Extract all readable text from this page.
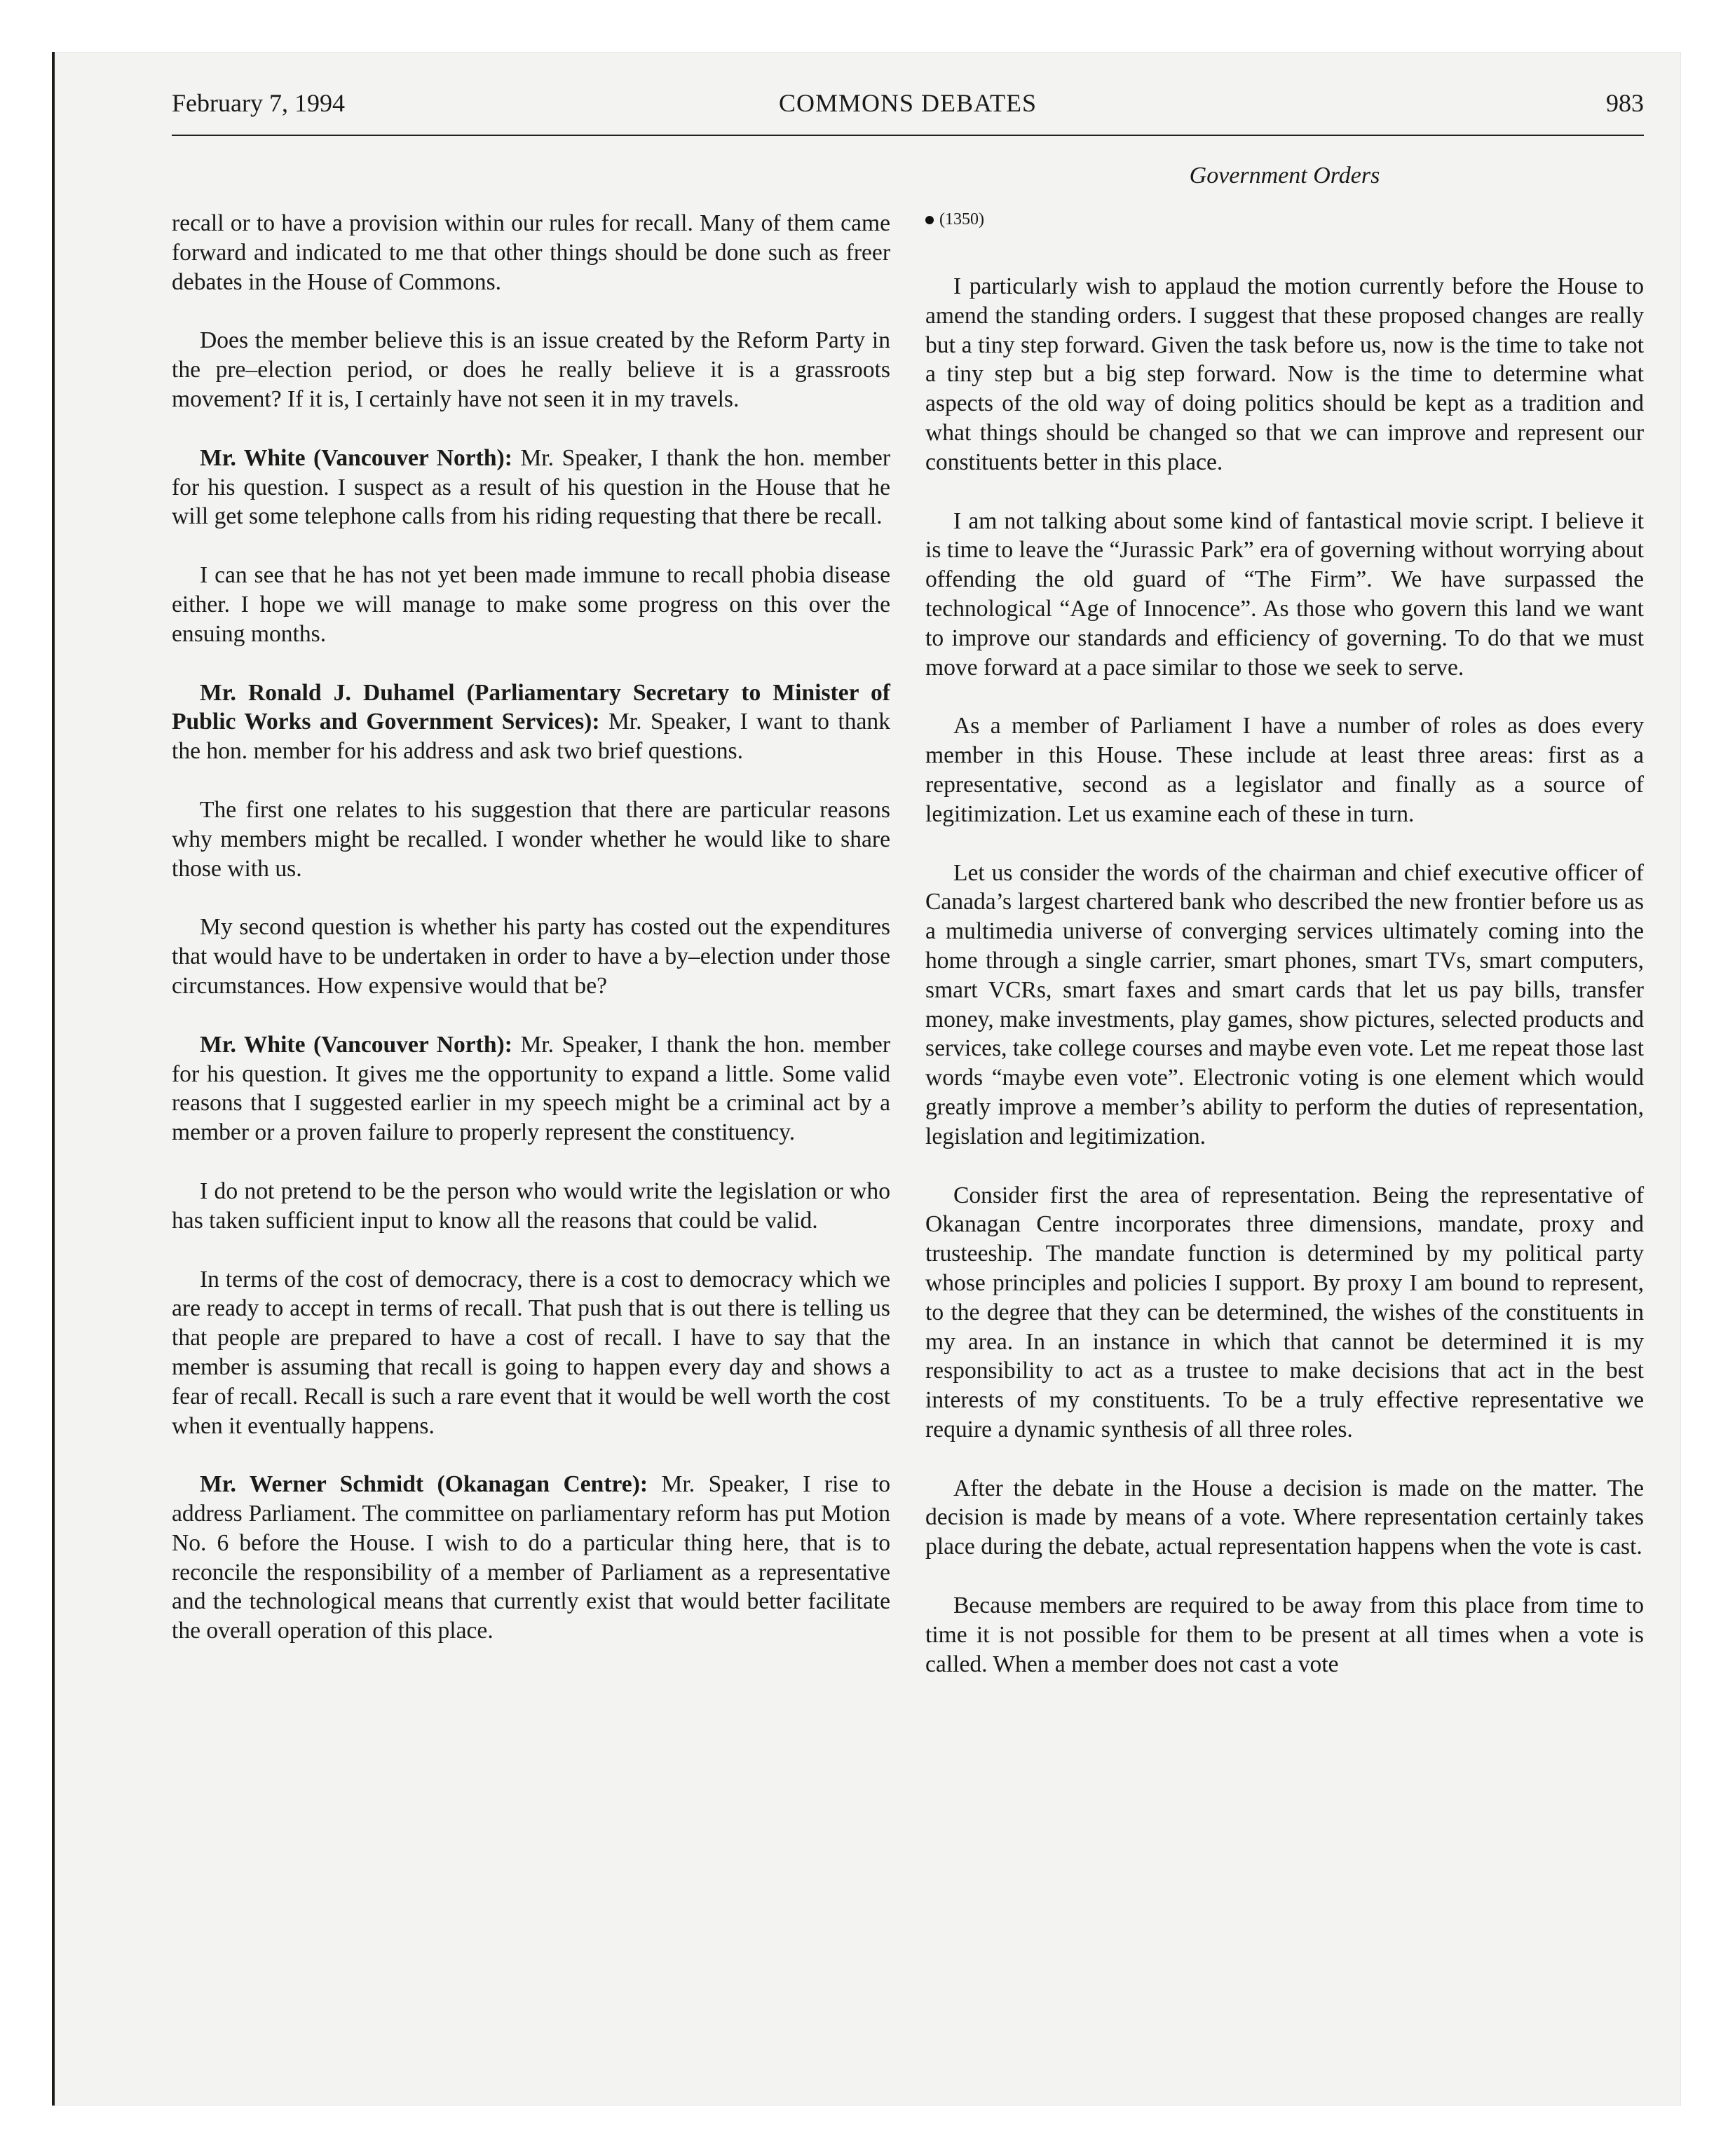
February 7, 1994	COMMONS DEBATES	983
Government Orders

recall or to have a provision within our rules for recall. Many of them came forward and indicated to me that other things should be done such as freer debates in the House of Commons.

Does the member believe this is an issue created by the Reform Party in the pre–election period, or does he really believe it is a grassroots movement? If it is, I certainly have not seen it in my travels.

Mr. White (Vancouver North): Mr. Speaker, I thank the hon. member for his question. I suspect as a result of his question in the House that he will get some telephone calls from his riding requesting that there be recall.

I can see that he has not yet been made immune to recall phobia disease either. I hope we will manage to make some progress on this over the ensuing months.

Mr. Ronald J. Duhamel (Parliamentary Secretary to Minister of Public Works and Government Services): Mr. Speaker, I want to thank the hon. member for his address and ask two brief questions.

The first one relates to his suggestion that there are particular reasons why members might be recalled. I wonder whether he would like to share those with us.

My second question is whether his party has costed out the expenditures that would have to be undertaken in order to have a by–election under those circumstances. How expensive would that be?

Mr. White (Vancouver North): Mr. Speaker, I thank the hon. member for his question. It gives me the opportunity to expand a little. Some valid reasons that I suggested earlier in my speech might be a criminal act by a member or a proven failure to properly represent the constituency.

I do not pretend to be the person who would write the legislation or who has taken sufficient input to know all the reasons that could be valid.

In terms of the cost of democracy, there is a cost to democracy which we are ready to accept in terms of recall. That push that is out there is telling us that people are prepared to have a cost of recall. I have to say that the member is assuming that recall is going to happen every day and shows a fear of recall. Recall is such a rare event that it would be well worth the cost when it eventually happens.

Mr. Werner Schmidt (Okanagan Centre): Mr. Speaker, I rise to address Parliament. The committee on parliamentary reform has put Motion No. 6 before the House. I wish to do a particular thing here, that is to reconcile the responsibility of a member of Parliament as a representative and the technological means that currently exist that would better facilitate the overall operation of this place.

(1350)

I particularly wish to applaud the motion currently before the House to amend the standing orders. I suggest that these proposed changes are really but a tiny step forward. Given the task before us, now is the time to take not a tiny step but a big step forward. Now is the time to determine what aspects of the old way of doing politics should be kept as a tradition and what things should be changed so that we can improve and represent our constituents better in this place.

I am not talking about some kind of fantastical movie script. I believe it is time to leave the “Jurassic Park” era of governing without worrying about offending the old guard of “The Firm”. We have surpassed the technological “Age of Innocence”. As those who govern this land we want to improve our standards and efficiency of governing. To do that we must move forward at a pace similar to those we seek to serve.

As a member of Parliament I have a number of roles as does every member in this House. These include at least three areas: first as a representative, second as a legislator and finally as a source of legitimization. Let us examine each of these in turn.

Let us consider the words of the chairman and chief executive officer of Canada’s largest chartered bank who described the new frontier before us as a multimedia universe of converging services ultimately coming into the home through a single carrier, smart phones, smart TVs, smart computers, smart VCRs, smart faxes and smart cards that let us pay bills, transfer money, make investments, play games, show pictures, selected products and services, take college courses and maybe even vote. Let me repeat those last words “maybe even vote”. Electronic voting is one element which would greatly improve a member’s ability to perform the duties of representation, legislation and legitimization.

Consider first the area of representation. Being the representative of Okanagan Centre incorporates three dimensions, mandate, proxy and trusteeship. The mandate function is determined by my political party whose principles and policies I support. By proxy I am bound to represent, to the degree that they can be determined, the wishes of the constituents in my area. In an instance in which that cannot be determined it is my responsibility to act as a trustee to make decisions that act in the best interests of my constituents. To be a truly effective representative we require a dynamic synthesis of all three roles.

After the debate in the House a decision is made on the matter. The decision is made by means of a vote. Where representation certainly takes place during the debate, actual representation happens when the vote is cast.

Because members are required to be away from this place from time to time it is not possible for them to be present at all times when a vote is called. When a member does not cast a vote
